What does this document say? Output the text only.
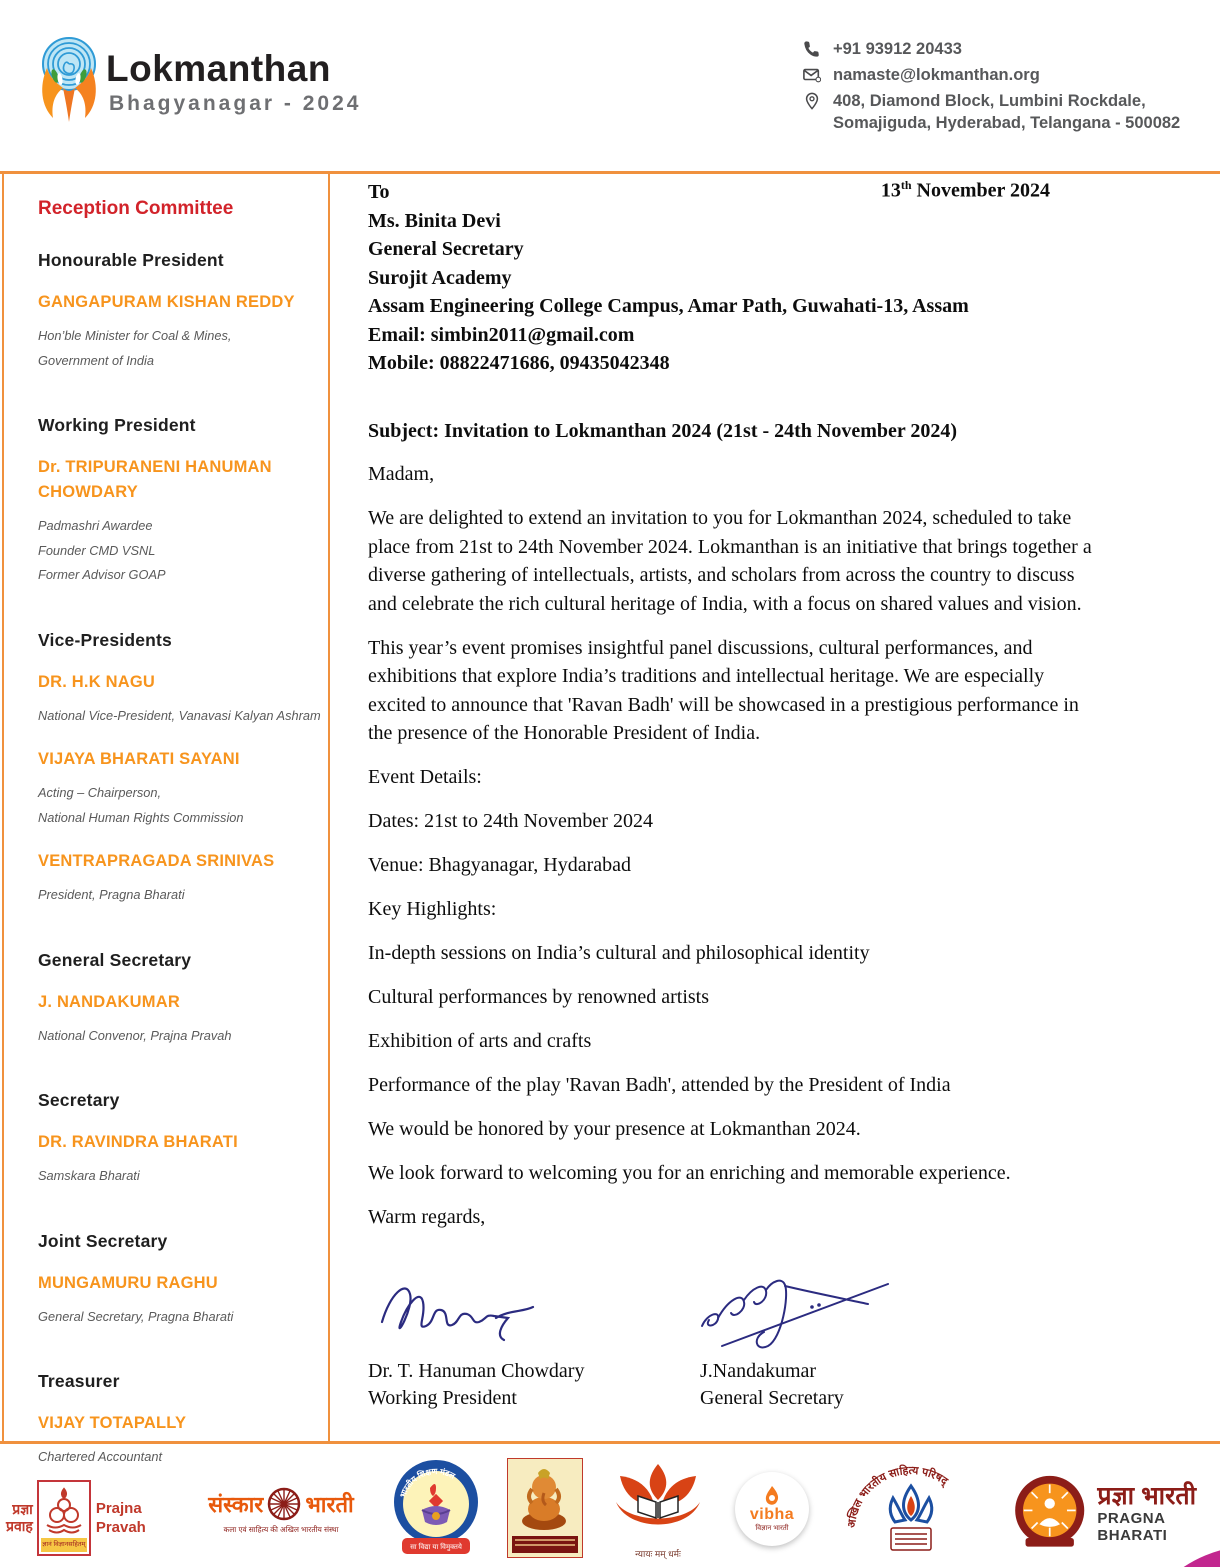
Lokmanthan
Bhagyanagar - 2024
+91 93912 20433
namaste@lokmanthan.org
408, Diamond Block, Lumbini Rockdale,
Somajiguda, Hyderabad, Telangana - 500082
Reception Committee
Honourable President
GANGAPURAM KISHAN REDDY
Hon’ble Minister for Coal & Mines,
Government of India
Working President
Dr. TRIPURANENI HANUMAN CHOWDARY
Padmashri Awardee
Founder CMD VSNL
Former Advisor GOAP
Vice-Presidents
DR. H.K NAGU
National Vice-President, Vanavasi Kalyan Ashram
VIJAYA BHARATI SAYANI
Acting – Chairperson,
National Human Rights Commission
VENTRAPRAGADA SRINIVAS
President, Pragna Bharati
General Secretary
J. NANDAKUMAR
National Convenor, Prajna Pravah
Secretary
DR. RAVINDRA BHARATI
Samskara Bharati
Joint Secretary
MUNGAMURU RAGHU
General Secretary, Pragna Bharati
Treasurer
VIJAY TOTAPALLY
Chartered Accountant
To	13th November 2024
Ms. Binita Devi
General Secretary
Surojit Academy
Assam Engineering College Campus, Amar Path, Guwahati-13, Assam
Email: simbin2011@gmail.com
Mobile: 08822471686, 09435042348
Subject: Invitation to Lokmanthan 2024 (21st - 24th November 2024)

Madam,

We are delighted to extend an invitation to you for Lokmanthan 2024, scheduled to take place from 21st to 24th November 2024. Lokmanthan is an initiative that brings together a diverse gathering of intellectuals, artists, and scholars from across the country to discuss and celebrate the rich cultural heritage of India, with a focus on shared values and vision.

This year’s event promises insightful panel discussions, cultural performances, and exhibitions that explore India’s traditions and intellectual heritage. We are especially excited to announce that 'Ravan Badh' will be showcased in a prestigious performance in the presence of the Honorable President of India.

Event Details:

Dates: 21st to 24th November 2024

Venue: Bhagyanagar, Hydarabad

Key Highlights:

In-depth sessions on India’s cultural and philosophical identity

Cultural performances by renowned artists

Exhibition of arts and crafts

Performance of the play 'Ravan Badh', attended by the President of India

We would be honored by your presence at Lokmanthan 2024.

We look forward to welcoming you for an enriching and memorable experience.

Warm regards,

Dr. T. Hanuman Chowdary
Working President
J.Nandakumar
General Secretary
प्रज्ञा
प्रवाह
ज्ञानं विज्ञानसहितम्
Prajna
Pravah
संस्कार भारती
कला एवं साहित्य की अखिल भारतीय संस्था
भारतीय शिक्षण मंडल
सा विद्या या विमुक्तये
न्यायः मम् धर्मः
vibha
विज्ञान भारती
अखिल भारतीय साहित्य परिषद्
प्रज्ञा भारती
PRAGNA BHARATI
